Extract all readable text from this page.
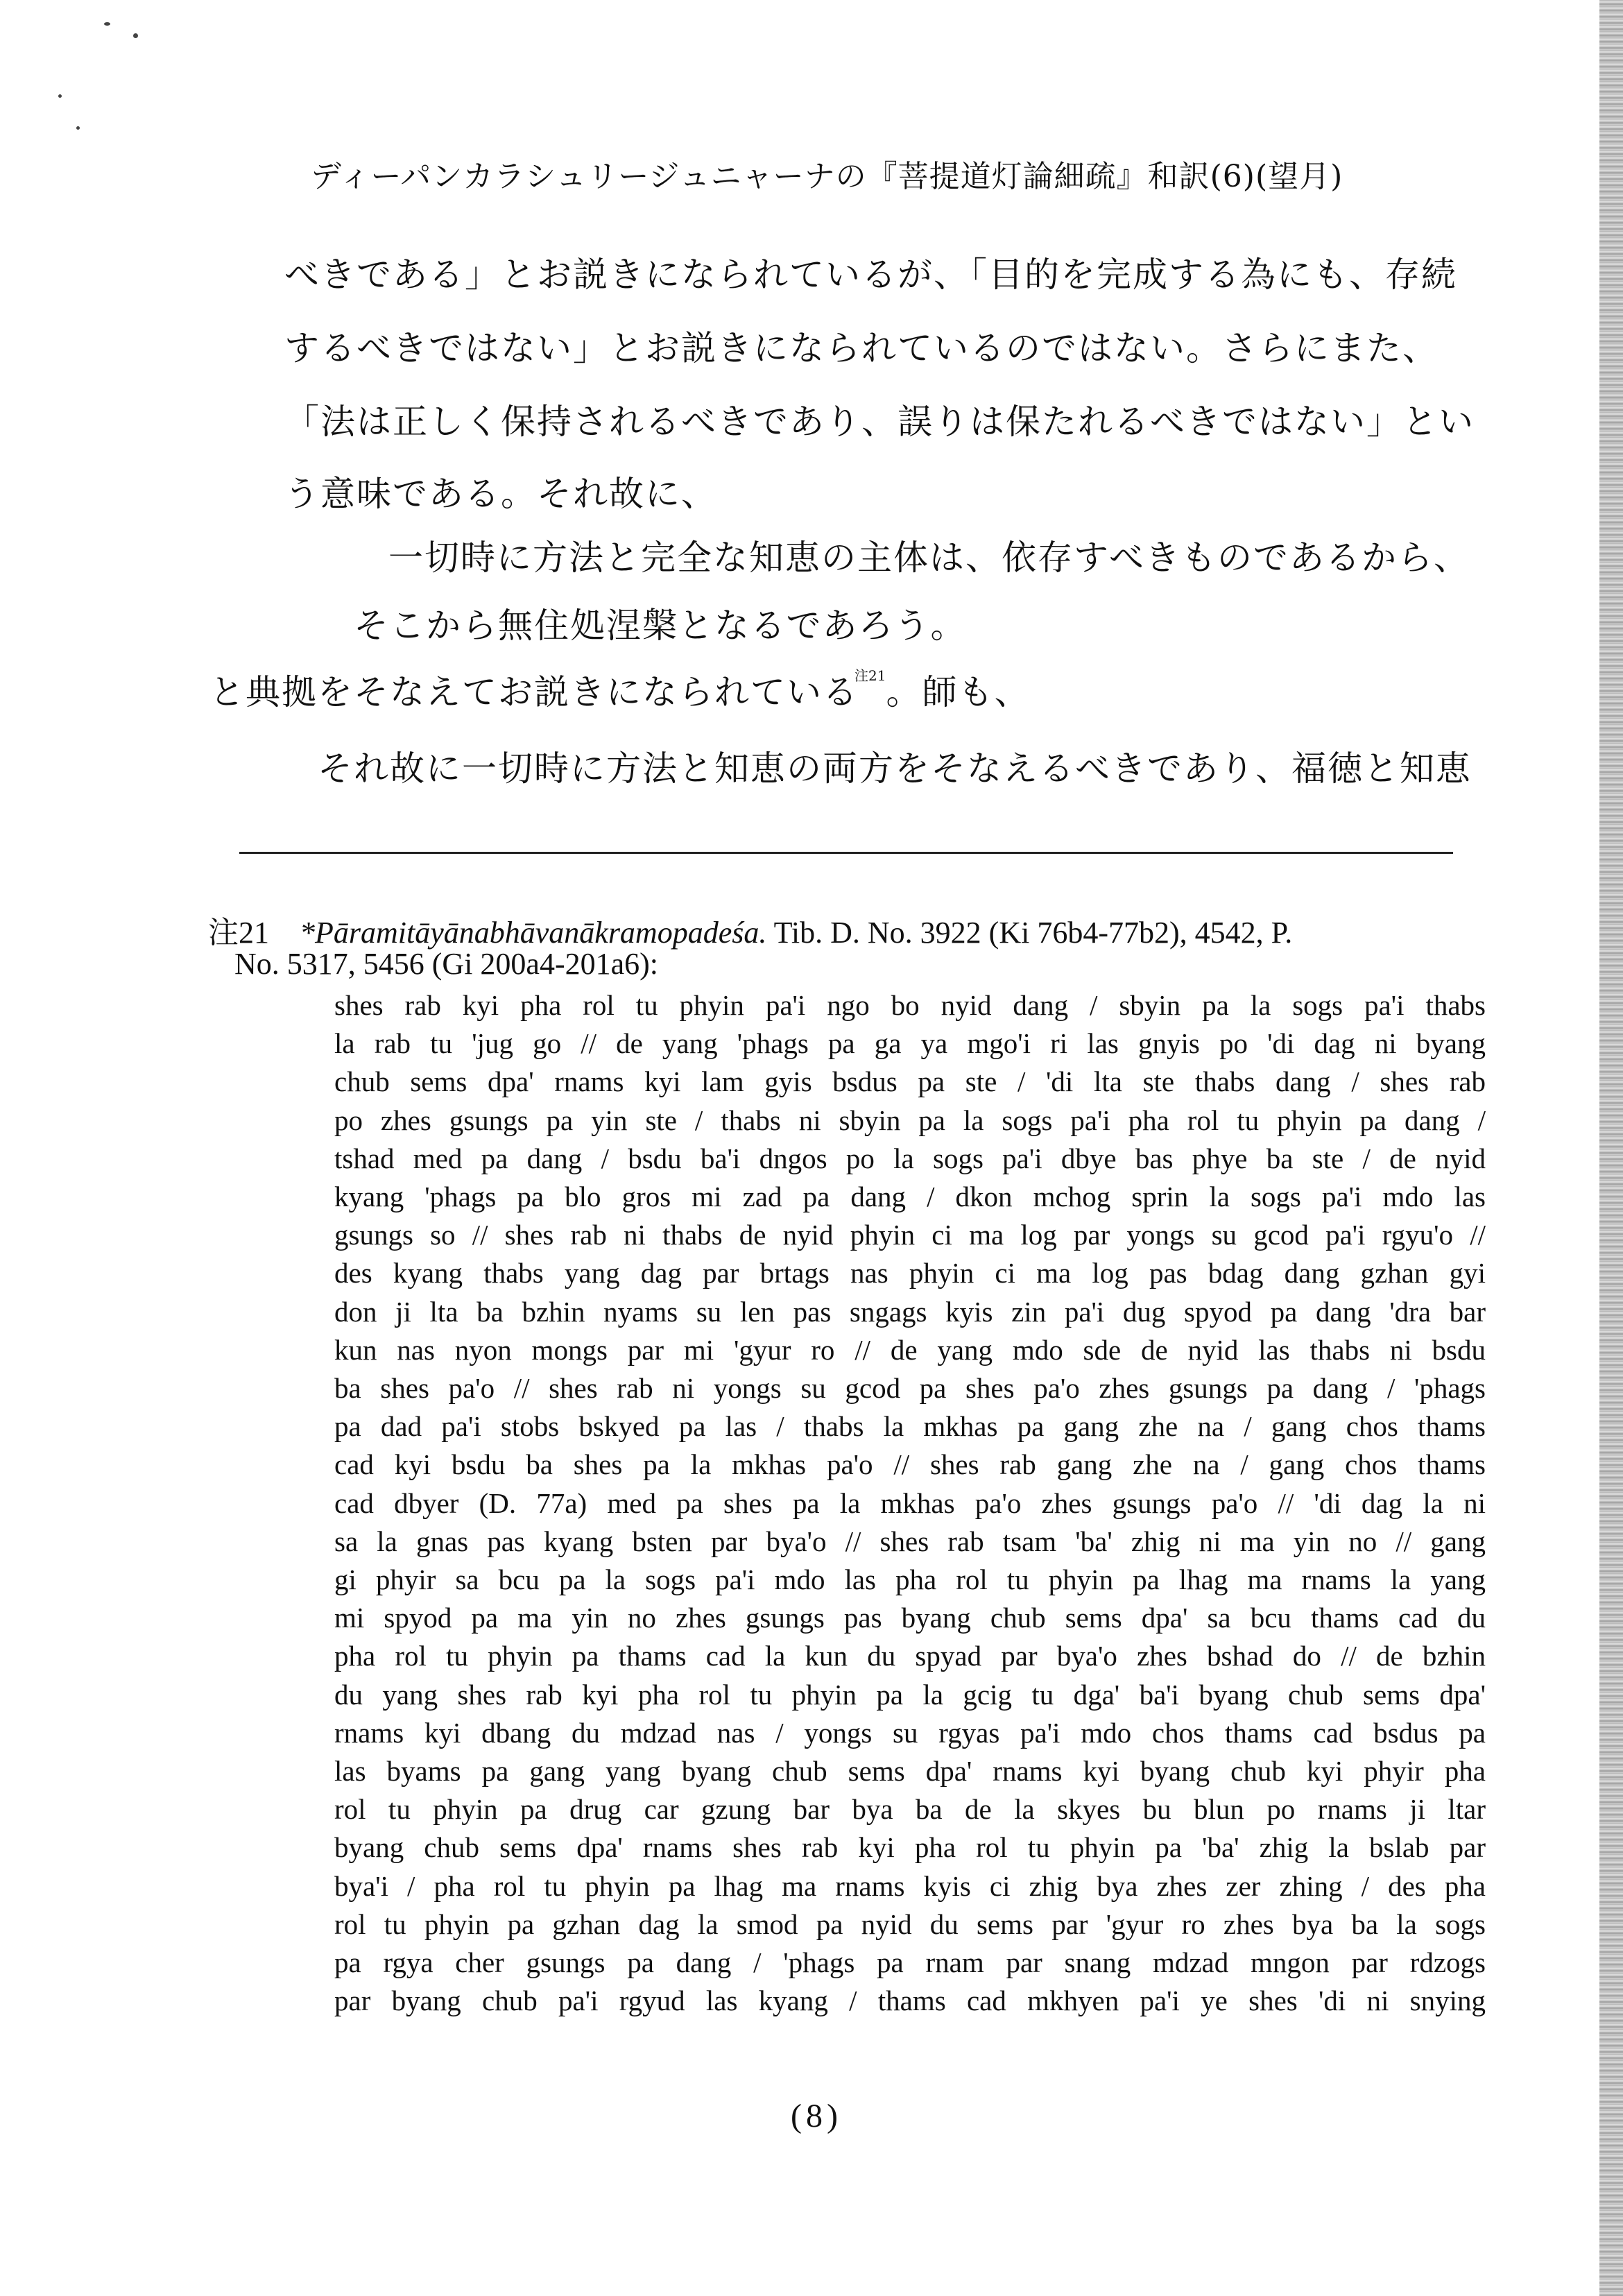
ディーパンカラシュリージュニャーナの『菩提道灯論細疏』和訳(6)(望月)
べきである」とお説きになられているが、「目的を完成する為にも、存続
するべきではない」とお説きになられているのではない。さらにまた、
「法は正しく保持されるべきであり、誤りは保たれるべきではない」とい
う意味である。それ故に、
一切時に方法と完全な知恵の主体は、依存すべきものであるから、
そこから無住処涅槃となるであろう。
と典拠をそなえてお説きになられている$^{注21}$。師も、
それ故に一切時に方法と知恵の両方をそなえるべきであり、福徳と知恵
注21 *Pāramitāyānabhāvanākramopadeśa. Tib. D. No. 3922 (Ki 76b4-77b2), 4542, P.
No. 5317, 5456 (Gi 200a4-201a6):
shes rab kyi pha rol tu phyin pa'i ngo bo nyid dang / sbyin pa la sogs pa'i thabs
la rab tu 'jug go // de yang 'phags pa ga ya mgo'i ri las gnyis po 'di dag ni byang
chub sems dpa' rnams kyi lam gyis bsdus pa ste / 'di lta ste thabs dang / shes rab
po zhes gsungs pa yin ste / thabs ni sbyin pa la sogs pa'i pha rol tu phyin pa dang /
tshad med pa dang / bsdu ba'i dngos po la sogs pa'i dbye bas phye ba ste / de nyid
kyang 'phags pa blo gros mi zad pa dang / dkon mchog sprin la sogs pa'i mdo las
gsungs so // shes rab ni thabs de nyid phyin ci ma log par yongs su gcod pa'i rgyu'o //
des kyang thabs yang dag par brtags nas phyin ci ma log pas bdag dang gzhan gyi
don ji lta ba bzhin nyams su len pas sngags kyis zin pa'i dug spyod pa dang 'dra bar
kun nas nyon mongs par mi 'gyur ro // de yang mdo sde de nyid las thabs ni bsdu
ba shes pa'o // shes rab ni yongs su gcod pa shes pa'o zhes gsungs pa dang / 'phags
pa dad pa'i stobs bskyed pa las / thabs la mkhas pa gang zhe na / gang chos thams
cad kyi bsdu ba shes pa la mkhas pa'o // shes rab gang zhe na / gang chos thams
cad dbyer (D. 77a) med pa shes pa la mkhas pa'o zhes gsungs pa'o // 'di dag la ni
sa la gnas pas kyang bsten par bya'o // shes rab tsam 'ba' zhig ni ma yin no // gang
gi phyir sa bcu pa la sogs pa'i mdo las pha rol tu phyin pa lhag ma rnams la yang
mi spyod pa ma yin no zhes gsungs pas byang chub sems dpa' sa bcu thams cad du
pha rol tu phyin pa thams cad la kun du spyad par bya'o zhes bshad do // de bzhin
du yang shes rab kyi pha rol tu phyin pa la gcig tu dga' ba'i byang chub sems dpa'
rnams kyi dbang du mdzad nas / yongs su rgyas pa'i mdo chos thams cad bsdus pa
las byams pa gang yang byang chub sems dpa' rnams kyi byang chub kyi phyir pha
rol tu phyin pa drug car gzung bar bya ba de la skyes bu blun po rnams ji ltar
byang chub sems dpa' rnams shes rab kyi pha rol tu phyin pa 'ba' zhig la bslab par
bya'i / pha rol tu phyin pa lhag ma rnams kyis ci zhig bya zhes zer zhing / des pha
rol tu phyin pa gzhan dag la smod pa nyid du sems par 'gyur ro zhes bya ba la sogs
pa rgya cher gsungs pa dang / 'phags pa rnam par snang mdzad mngon par rdzogs
par byang chub pa'i rgyud las kyang / thams cad mkhyen pa'i ye shes 'di ni snying
(8)
